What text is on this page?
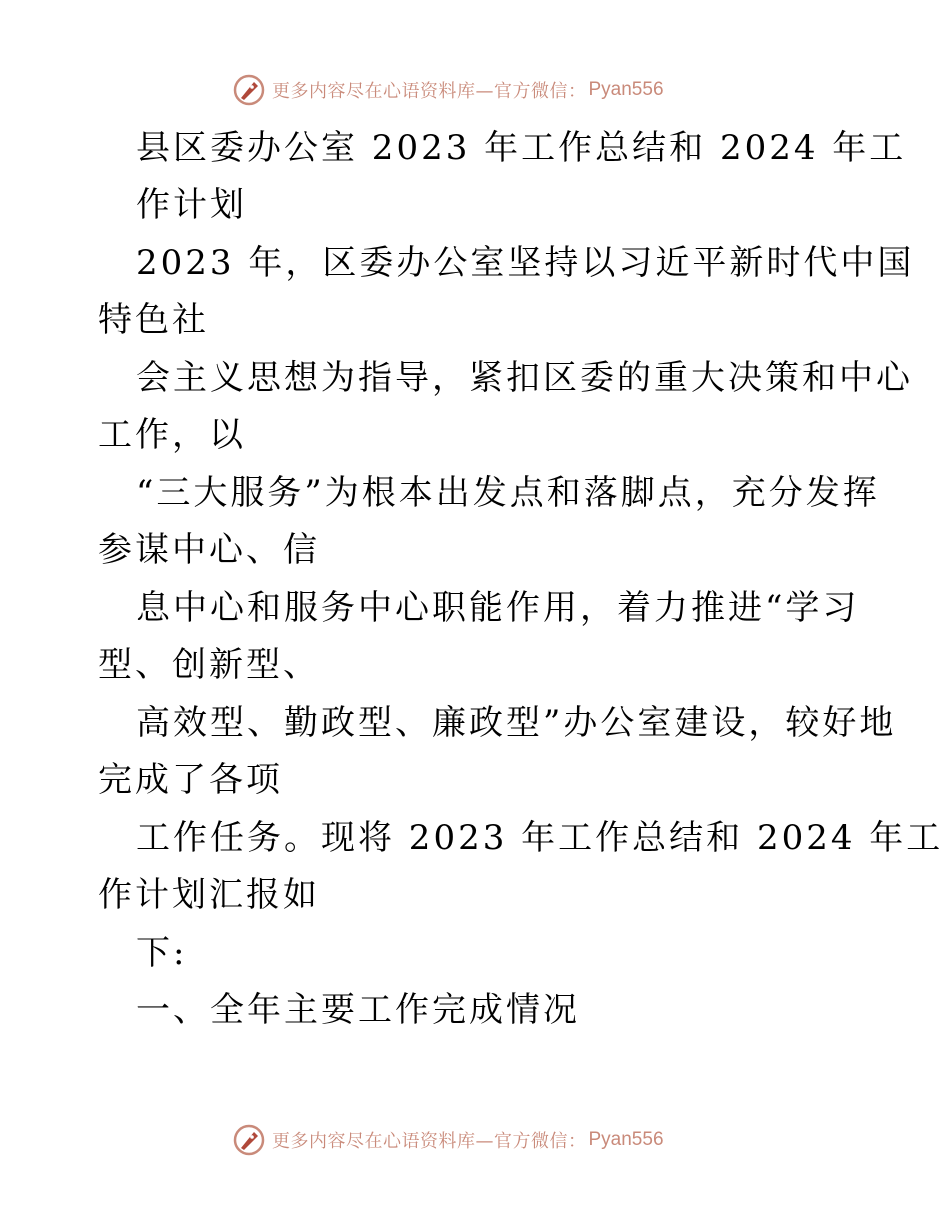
更多内容尽在心语资料库—官方微信： Pyan556
县区委办公室 2023 年工作总结和 2024 年工
作计划
2023 年，区委办公室坚持以习近平新时代中国
特色社
会主义思想为指导，紧扣区委的重大决策和中心
工作，以
“三大服务”为根本出发点和落脚点，充分发挥
参谋中心、信
息中心和服务中心职能作用，着力推进“学习
型、创新型、
高效型、勤政型、廉政型”办公室建设，较好地
完成了各项
工作任务。现将 2023 年工作总结和 2024 年工
作计划汇报如
下:
一、全年主要工作完成情况
更多内容尽在心语资料库—官方微信： Pyan556
